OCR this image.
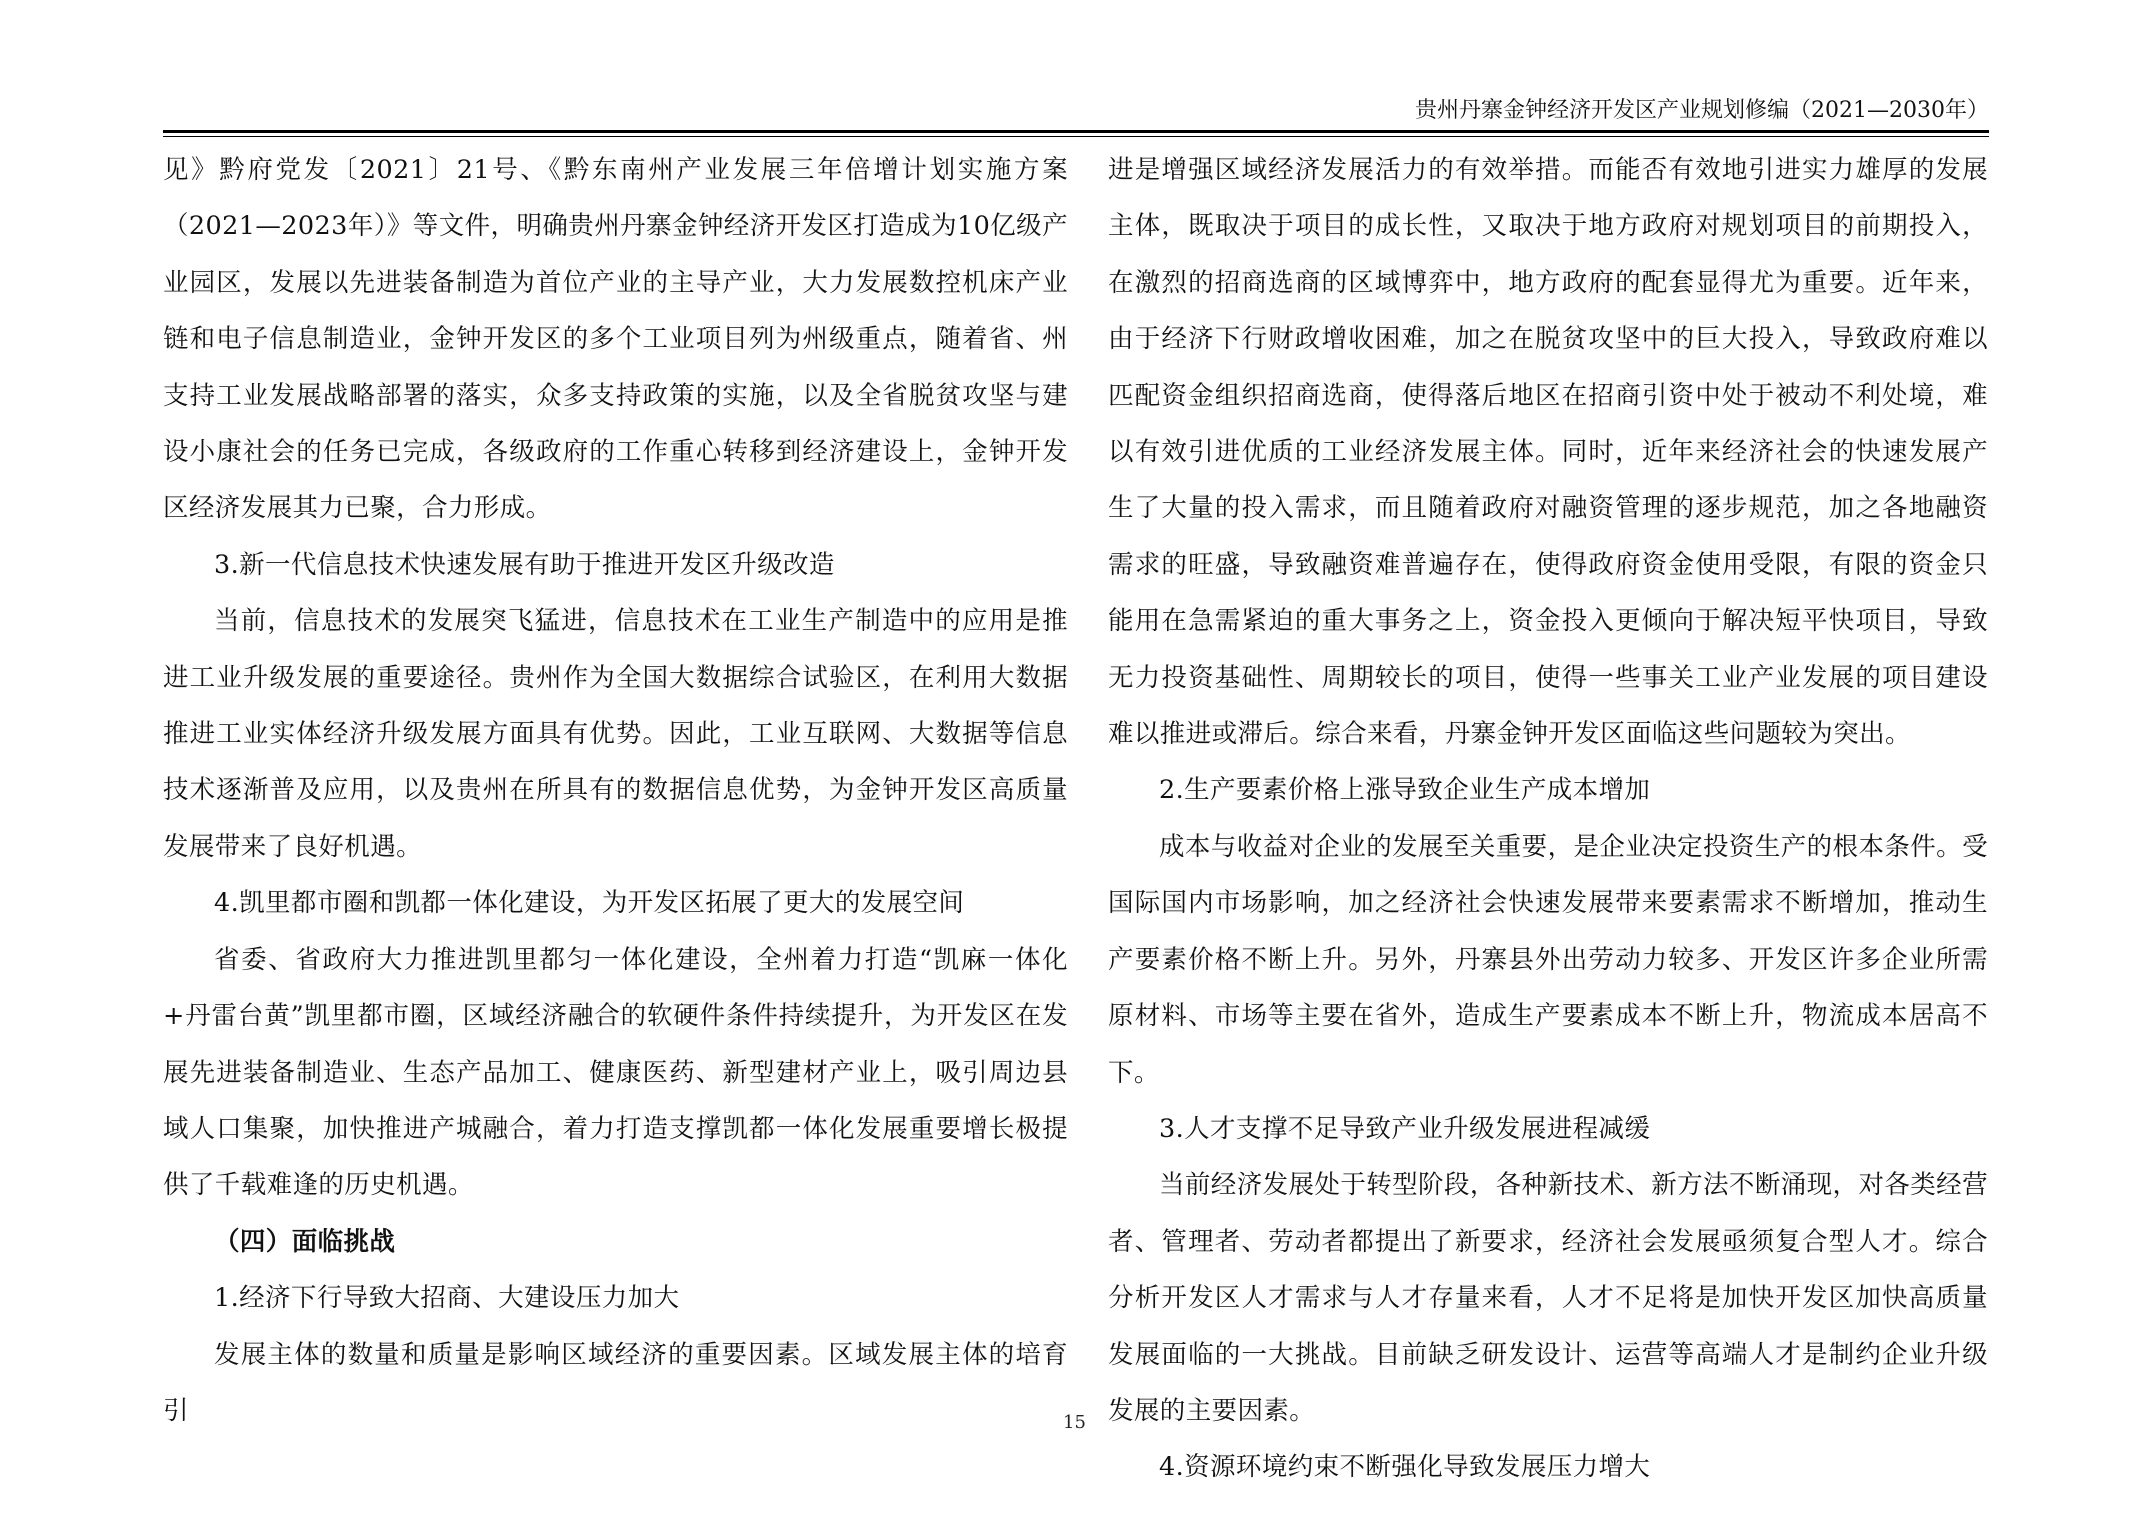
贵州丹寨金钟经济开发区产业规划修编（2021—2030年）

见》黔府党发〔2021〕21号、《黔东南州产业发展三年倍增计划实施方案（2021—2023年）》等文件，明确贵州丹寨金钟经济开发区打造成为10亿级产业园区，发展以先进装备制造为首位产业的主导产业，大力发展数控机床产业链和电子信息制造业，金钟开发区的多个工业项目列为州级重点，随着省、州支持工业发展战略部署的落实，众多支持政策的实施，以及全省脱贫攻坚与建设小康社会的任务已完成，各级政府的工作重心转移到经济建设上，金钟开发区经济发展其力已聚，合力形成。

3.新一代信息技术快速发展有助于推进开发区升级改造

当前，信息技术的发展突飞猛进，信息技术在工业生产制造中的应用是推进工业升级发展的重要途径。贵州作为全国大数据综合试验区，在利用大数据推进工业实体经济升级发展方面具有优势。因此，工业互联网、大数据等信息技术逐渐普及应用，以及贵州在所具有的数据信息优势，为金钟开发区高质量发展带来了良好机遇。

4.凯里都市圈和凯都一体化建设，为开发区拓展了更大的发展空间

省委、省政府大力推进凯里都匀一体化建设，全州着力打造“凯麻一体化+丹雷台黄”凯里都市圈，区域经济融合的软硬件条件持续提升，为开发区在发展先进装备制造业、生态产品加工、健康医药、新型建材产业上，吸引周边县域人口集聚，加快推进产城融合，着力打造支撑凯都一体化发展重要增长极提供了千载难逢的历史机遇。

（四）面临挑战

1.经济下行导致大招商、大建设压力加大

发展主体的数量和质量是影响区域经济的重要因素。区域发展主体的培育引

进是增强区域经济发展活力的有效举措。而能否有效地引进实力雄厚的发展主体，既取决于项目的成长性，又取决于地方政府对规划项目的前期投入，在激烈的招商选商的区域博弈中，地方政府的配套显得尤为重要。近年来，由于经济下行财政增收困难，加之在脱贫攻坚中的巨大投入，导致政府难以匹配资金组织招商选商，使得落后地区在招商引资中处于被动不利处境，难以有效引进优质的工业经济发展主体。同时，近年来经济社会的快速发展产生了大量的投入需求，而且随着政府对融资管理的逐步规范，加之各地融资需求的旺盛，导致融资难普遍存在，使得政府资金使用受限，有限的资金只能用在急需紧迫的重大事务之上，资金投入更倾向于解决短平快项目，导致无力投资基础性、周期较长的项目，使得一些事关工业产业发展的项目建设难以推进或滞后。综合来看，丹寨金钟开发区面临这些问题较为突出。

2.生产要素价格上涨导致企业生产成本增加

成本与收益对企业的发展至关重要，是企业决定投资生产的根本条件。受国际国内市场影响，加之经济社会快速发展带来要素需求不断增加，推动生产要素价格不断上升。另外，丹寨县外出劳动力较多、开发区许多企业所需原材料、市场等主要在省外，造成生产要素成本不断上升，物流成本居高不下。

3.人才支撑不足导致产业升级发展进程减缓

当前经济发展处于转型阶段，各种新技术、新方法不断涌现，对各类经营者、管理者、劳动者都提出了新要求，经济社会发展亟须复合型人才。综合分析开发区人才需求与人才存量来看，人才不足将是加快开发区加快高质量发展面临的一大挑战。目前缺乏研发设计、运营等高端人才是制约企业升级发展的主要因素。

4.资源环境约束不断强化导致发展压力增大

15
